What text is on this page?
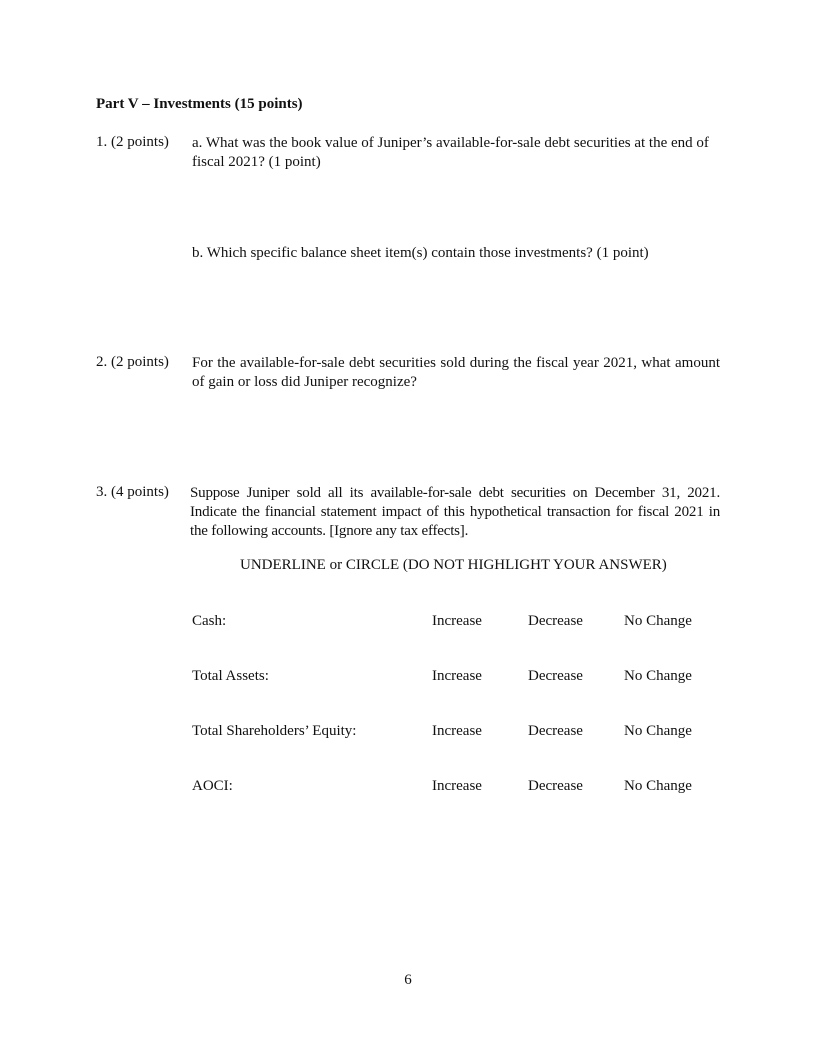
Part V – Investments (15 points)
1. (2 points) a. What was the book value of Juniper’s available-for-sale debt securities at the end of fiscal 2021? (1 point)
b. Which specific balance sheet item(s) contain those investments? (1 point)
2. (2 points) For the available-for-sale debt securities sold during the fiscal year 2021, what amount of gain or loss did Juniper recognize?
3. (4 points) Suppose Juniper sold all its available-for-sale debt securities on December 31, 2021. Indicate the financial statement impact of this hypothetical transaction for fiscal 2021 in the following accounts. [Ignore any tax effects].
UNDERLINE or CIRCLE (DO NOT HIGHLIGHT YOUR ANSWER)
Cash:	Increase	Decrease	No Change
Total Assets:	Increase	Decrease	No Change
Total Shareholders’ Equity:	Increase	Decrease	No Change
AOCI:	Increase	Decrease	No Change
6
